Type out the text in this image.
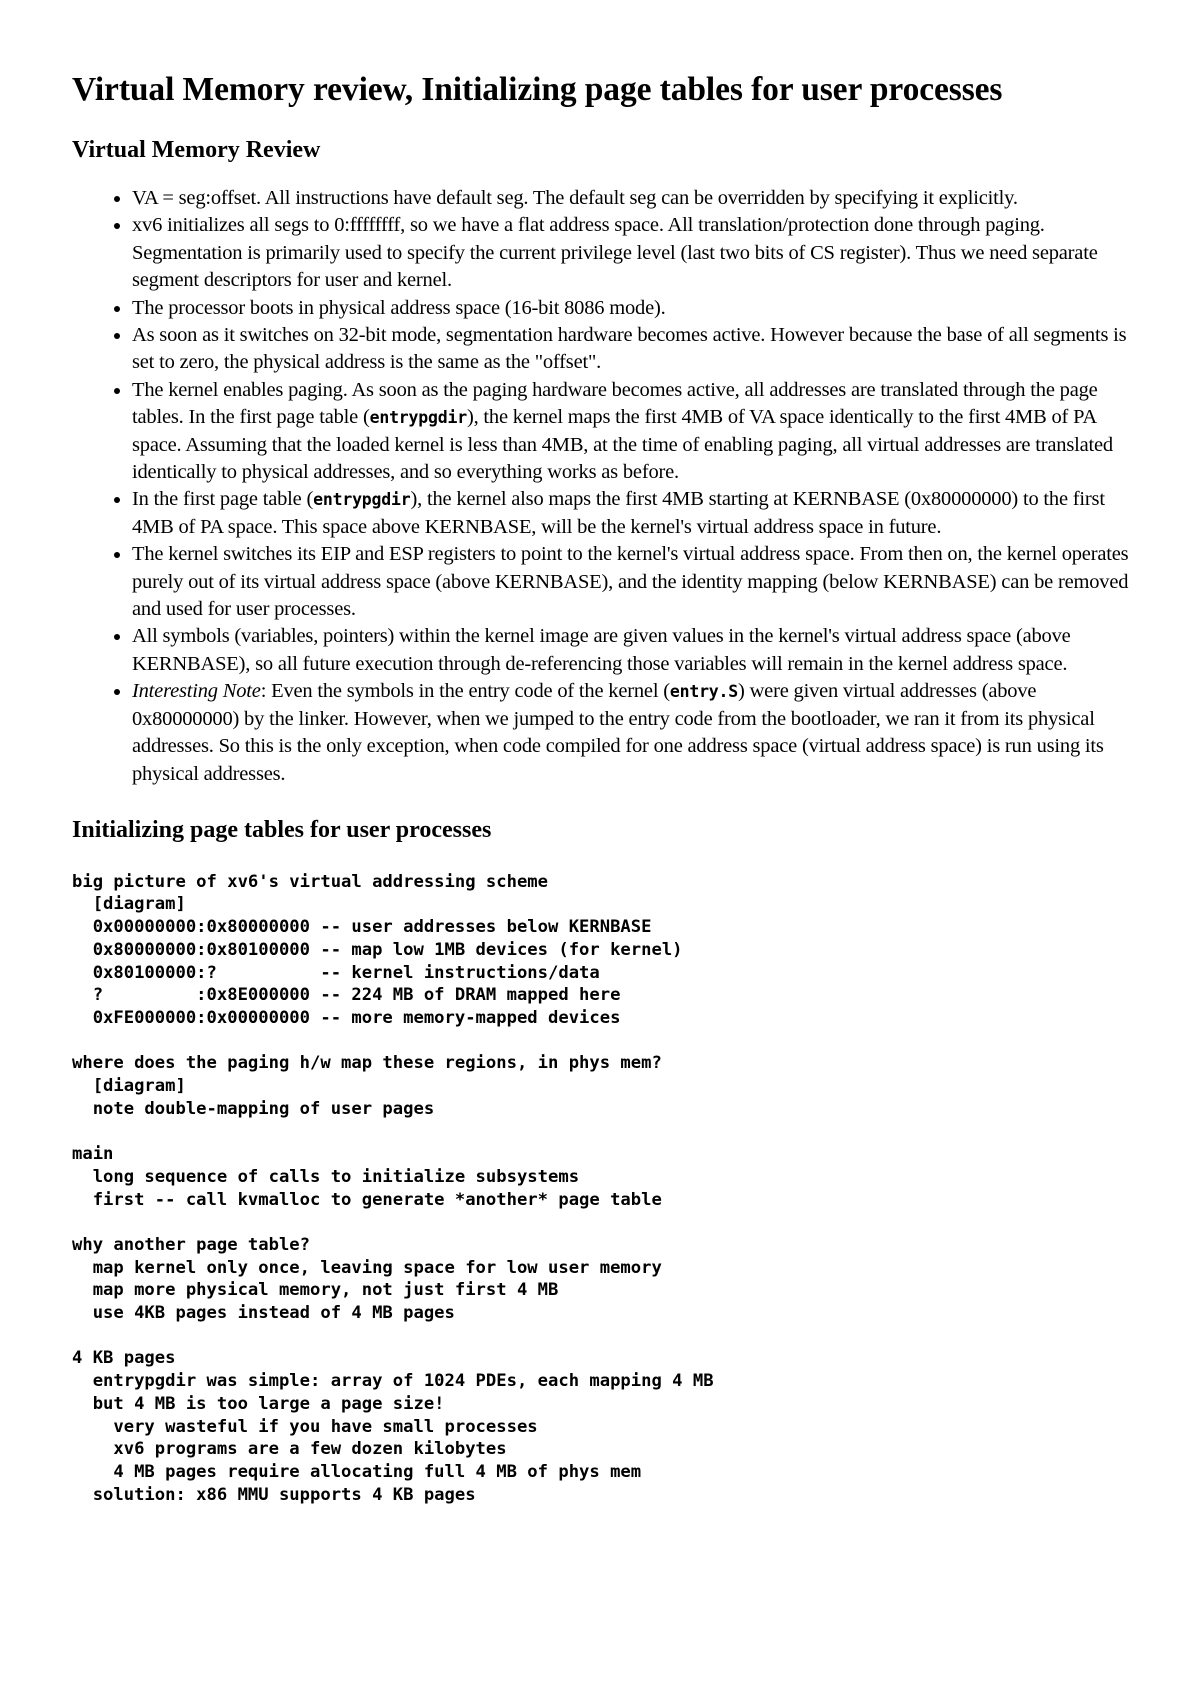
Virtual Memory review, Initializing page tables for user processes
Virtual Memory Review
• VA = seg:offset. All instructions have default seg. The default seg can be overridden by specifying it explicitly.
• xv6 initializes all segs to 0:ffffffff, so we have a flat address space. All translation/protection done through paging. Segmentation is primarily used to specify the current privilege level (last two bits of CS register). Thus we need separate segment descriptors for user and kernel.
• The processor boots in physical address space (16-bit 8086 mode).
• As soon as it switches on 32-bit mode, segmentation hardware becomes active. However because the base of all segments is set to zero, the physical address is the same as the "offset".
• The kernel enables paging. As soon as the paging hardware becomes active, all addresses are translated through the page tables. In the first page table (entrypgdir), the kernel maps the first 4MB of VA space identically to the first 4MB of PA space. Assuming that the loaded kernel is less than 4MB, at the time of enabling paging, all virtual addresses are translated identically to physical addresses, and so everything works as before.
• In the first page table (entrypgdir), the kernel also maps the first 4MB starting at KERNBASE (0x80000000) to the first 4MB of PA space. This space above KERNBASE, will be the kernel's virtual address space in future.
• The kernel switches its EIP and ESP registers to point to the kernel's virtual address space. From then on, the kernel operates purely out of its virtual address space (above KERNBASE), and the identity mapping (below KERNBASE) can be removed and used for user processes.
• All symbols (variables, pointers) within the kernel image are given values in the kernel's virtual address space (above KERNBASE), so all future execution through de-referencing those variables will remain in the kernel address space.
• Interesting Note: Even the symbols in the entry code of the kernel (entry.S) were given virtual addresses (above 0x80000000) by the linker. However, when we jumped to the entry code from the bootloader, we ran it from its physical addresses. So this is the only exception, when code compiled for one address space (virtual address space) is run using its physical addresses.
Initializing page tables for user processes
big picture of xv6's virtual addressing scheme
[diagram]
0x00000000:0x80000000 -- user addresses below KERNBASE
0x80000000:0x80100000 -- map low 1MB devices (for kernel)
0x80100000:?          -- kernel instructions/data
?         :0x8E000000 -- 224 MB of DRAM mapped here
0xFE000000:0x00000000 -- more memory-mapped devices

where does the paging h/w map these regions, in phys mem?
[diagram]
note double-mapping of user pages

main
long sequence of calls to initialize subsystems
first -- call kvmalloc to generate *another* page table

why another page table?
map kernel only once, leaving space for low user memory
map more physical memory, not just first 4 MB
use 4KB pages instead of 4 MB pages

4 KB pages
entrypgdir was simple: array of 1024 PDEs, each mapping 4 MB
but 4 MB is too large a page size!
very wasteful if you have small processes
xv6 programs are a few dozen kilobytes
4 MB pages require allocating full 4 MB of phys mem
solution: x86 MMU supports 4 KB pages
